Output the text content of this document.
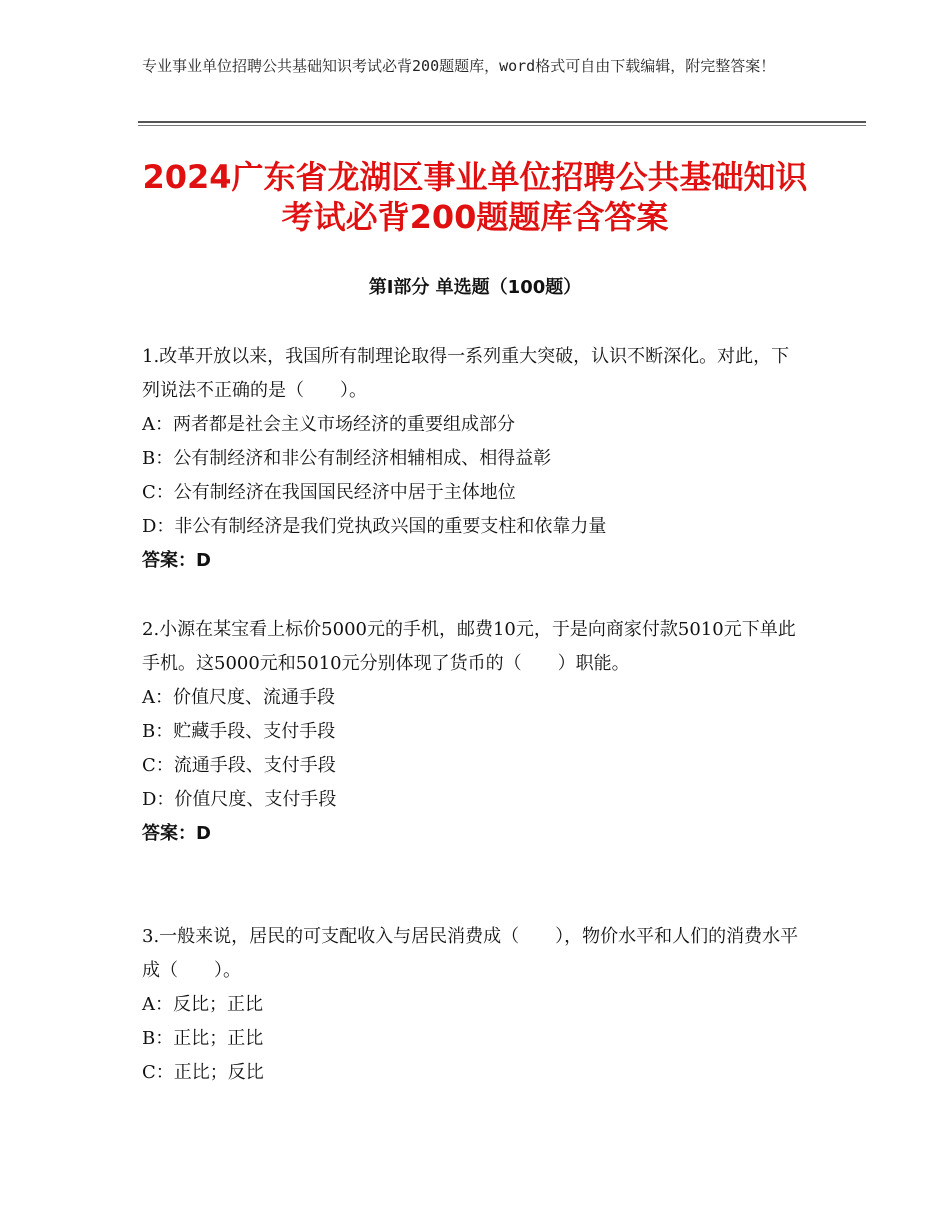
专业事业单位招聘公共基础知识考试必背200题题库，word格式可自由下载编辑，附完整答案！
2024广东省龙湖区事业单位招聘公共基础知识考试必背200题题库含答案
第I部分 单选题（100题）

1.改革开放以来，我国所有制理论取得一系列重大突破，认识不断深化。对此，下列说法不正确的是（　　）。

A：两者都是社会主义市场经济的重要组成部分

B：公有制经济和非公有制经济相辅相成、相得益彰

C：公有制经济在我国国民经济中居于主体地位

D：非公有制经济是我们党执政兴国的重要支柱和依靠力量

答案：D

2.小源在某宝看上标价5000元的手机，邮费10元，于是向商家付款5010元下单此手机。这5000元和5010元分别体现了货币的（　　）职能。

A：价值尺度、流通手段

B：贮藏手段、支付手段

C：流通手段、支付手段

D：价值尺度、支付手段

答案：D

3.一般来说，居民的可支配收入与居民消费成（　　），物价水平和人们的消费水平成（　　）。

A：反比；正比

B：正比；正比

C：正比；反比
